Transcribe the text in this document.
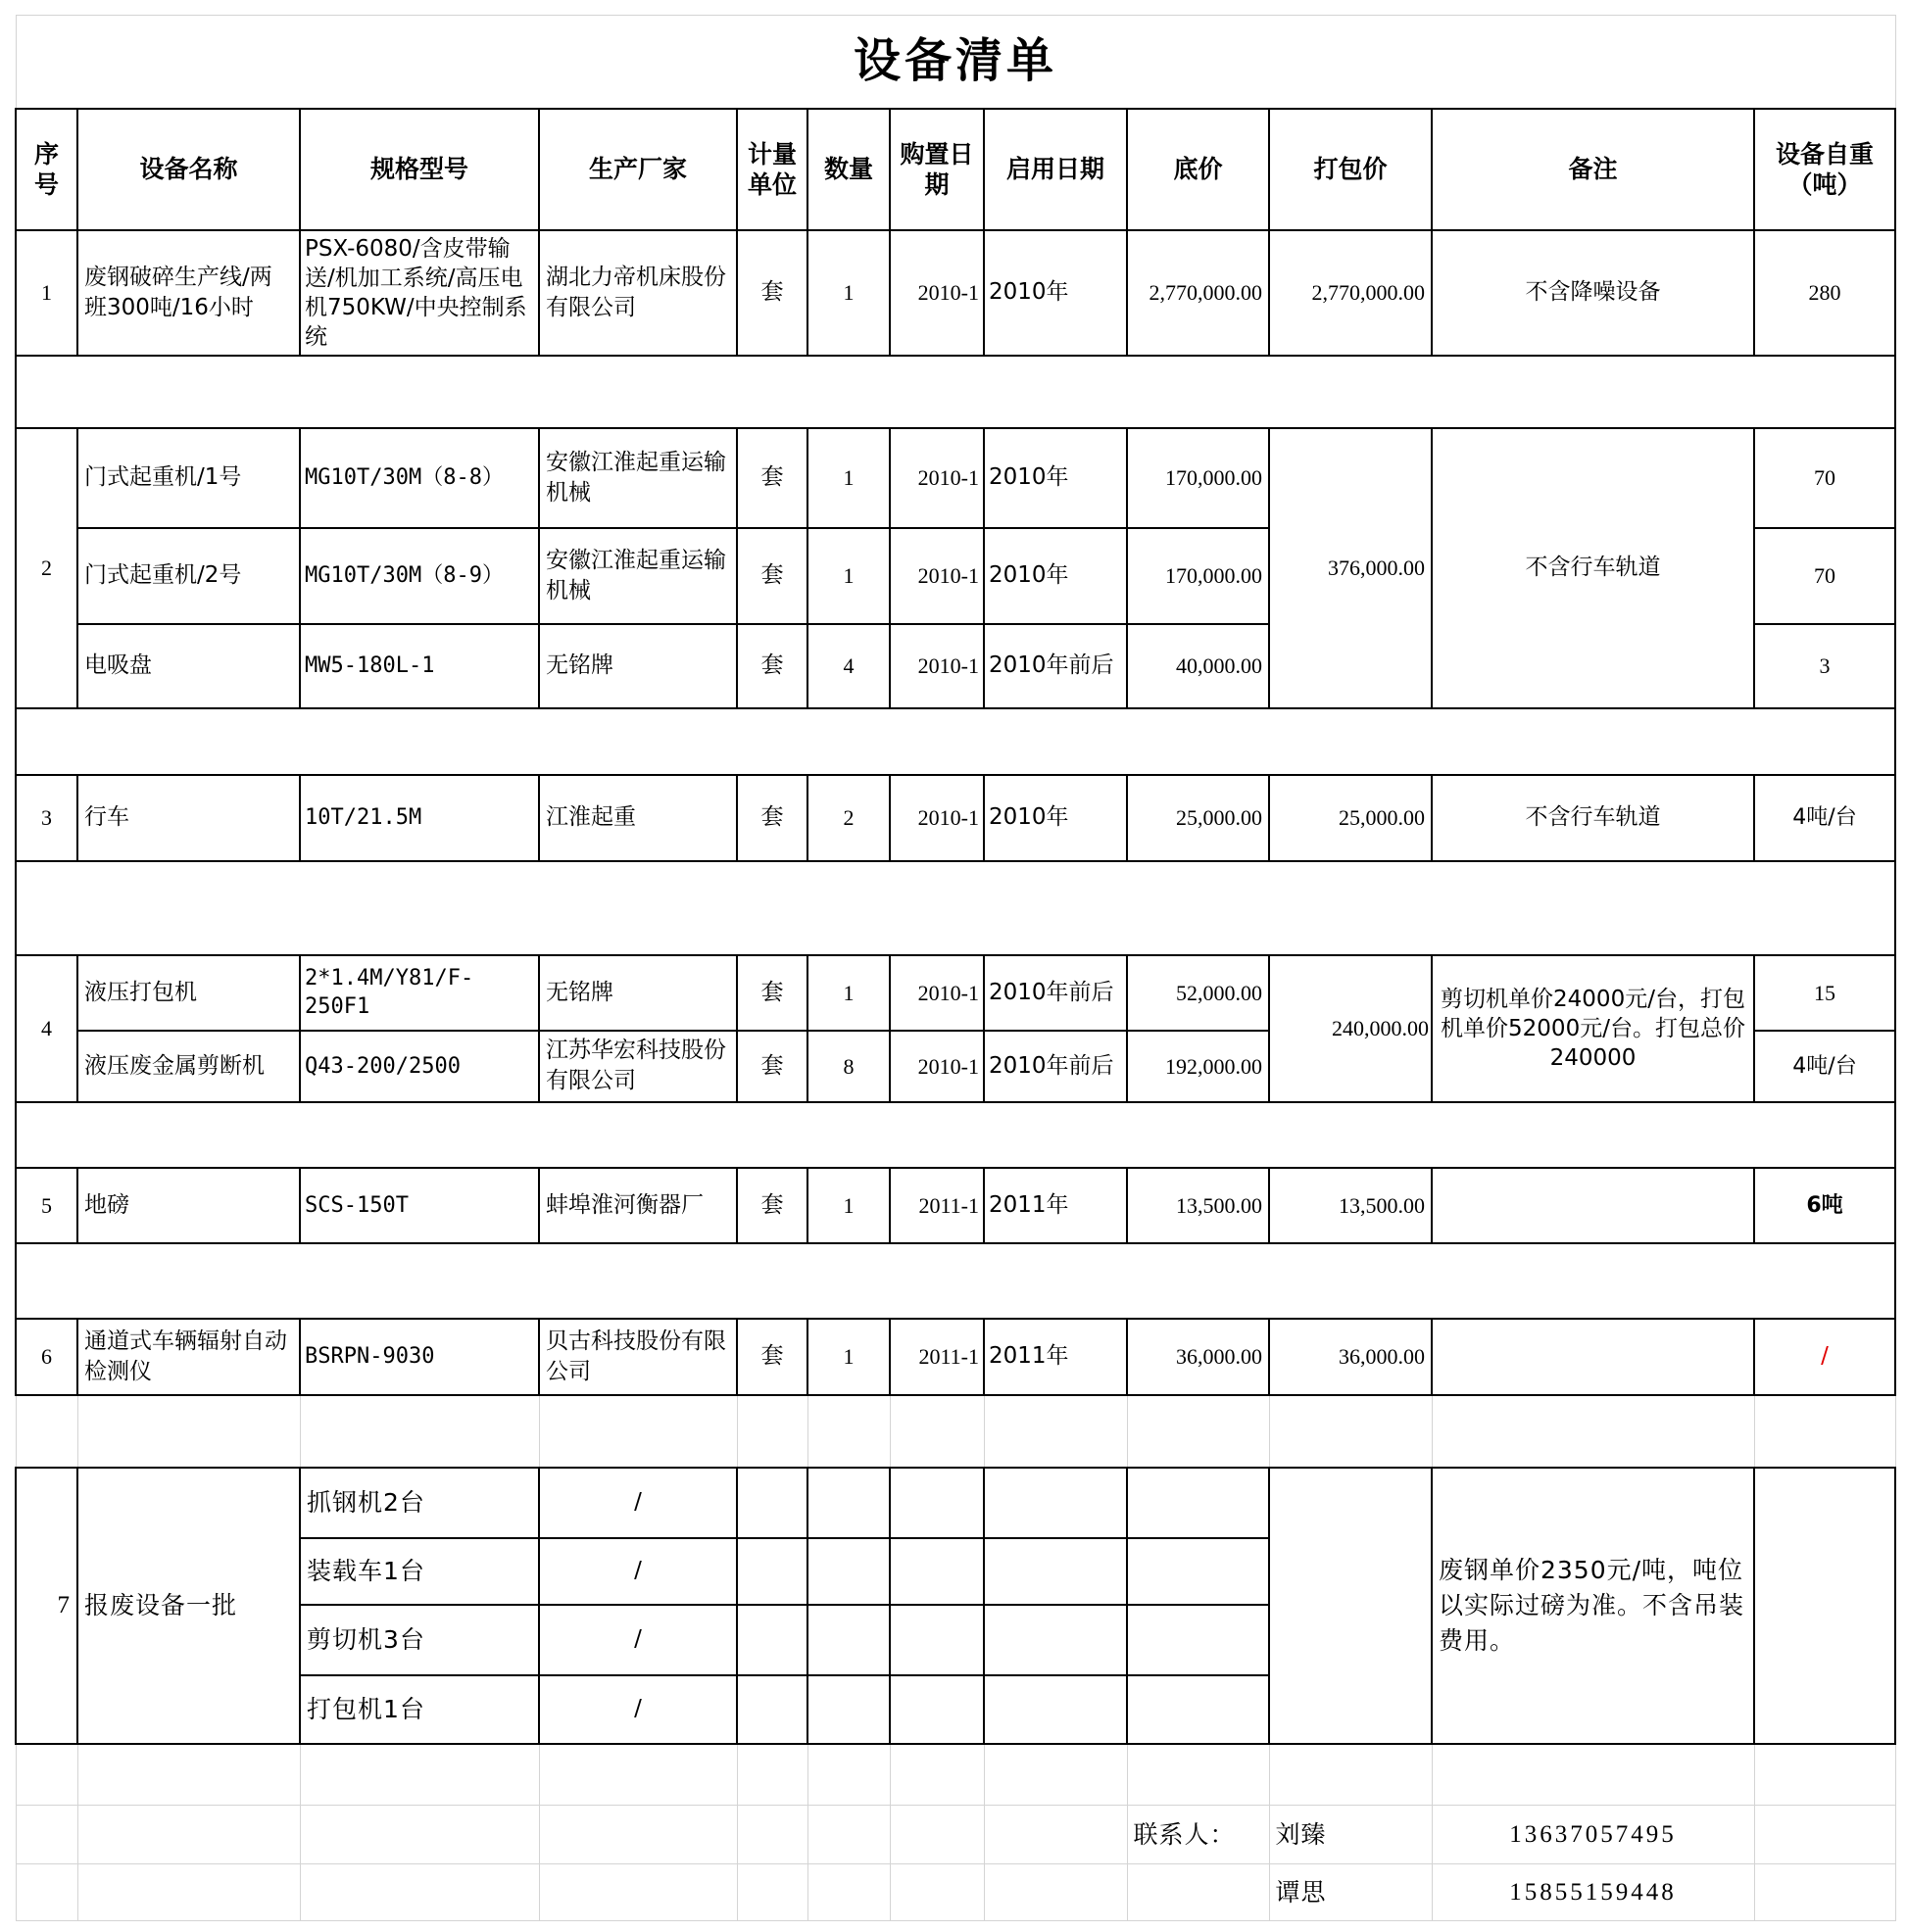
设备清单											
序号	设备名称	规格型号	生产厂家	计量单位	数量	购置日期	启用日期	底价	打包价	备注	设备自重（吨）
1	废钢破碎生产线/两班300吨/16小时	PSX-6080/含皮带输送/机加工系统/高压电机750KW/中央控制系统	湖北力帝机床股份有限公司	套	1	2010-1	2010年	2,770,000.00	2,770,000.00	不含降噪设备	280

2	门式起重机/1号	MG10T/30M（8-8）	安徽江淮起重运输机械	套	1	2010-1	2010年	170,000.00	376,000.00	不含行车轨道	70
	门式起重机/2号	MG10T/30M（8-9）	安徽江淮起重运输机械	套	1	2010-1	2010年	170,000.00			70
	电吸盘	MW5-180L-1	无铭牌	套	4	2010-1	2010年前后	40,000.00			3

3	行车	10T/21.5M	江淮起重	套	2	2010-1	2010年	25,000.00	25,000.00	不含行车轨道	4吨/台

4	液压打包机	2*1.4M/Y81/F-250F1	无铭牌	套	1	2010-1	2010年前后	52,000.00	240,000.00	剪切机单价24000元/台，打包机单价52000元/台。打包总价240000	15
	液压废金属剪断机	Q43-200/2500	江苏华宏科技股份有限公司	套	8	2010-1	2010年前后	192,000.00			4吨/台

5	地磅	SCS-150T	蚌埠淮河衡器厂	套	1	2011-1	2011年	13,500.00	13,500.00		6吨

6	通道式车辆辐射自动检测仪	BSRPN-9030	贝古科技股份有限公司	套	1	2011-1	2011年	36,000.00	36,000.00		/

7	报废设备一批	抓钢机2台	/							废钢单价2350元/吨，吨位以实际过磅为准。不含吊装费用。	
		装载车1台	/								
		剪切机3台	/								
		打包机1台	/								

								联系人：	刘臻	13637057495	
									谭思	15855159448	
